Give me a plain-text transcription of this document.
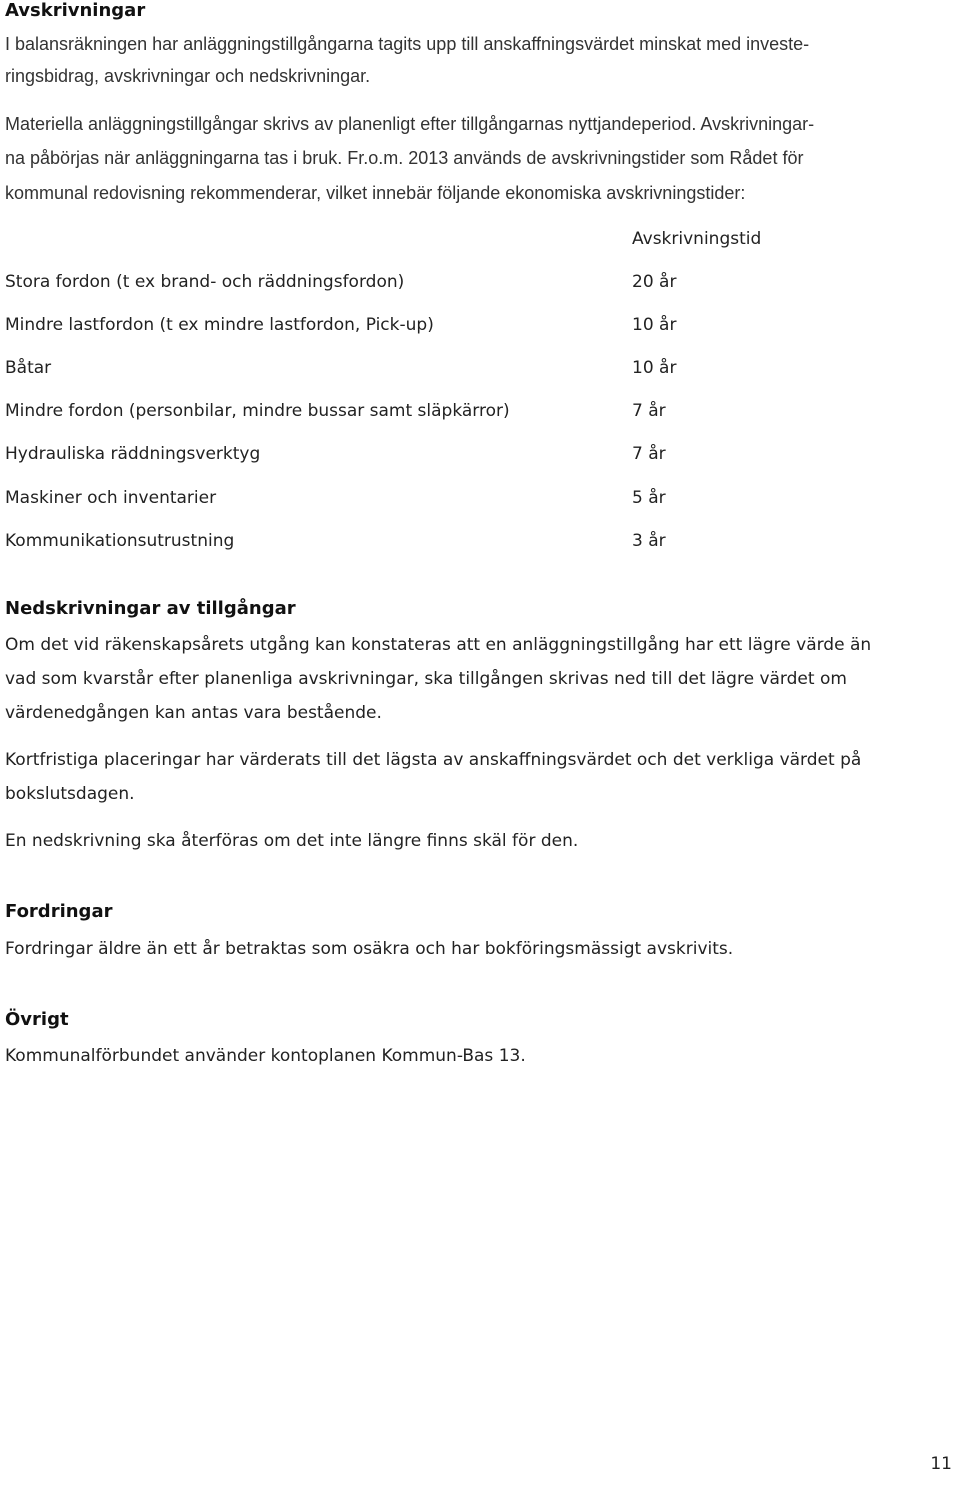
Avskrivningar
I balansräkningen har anläggningstillgångarna tagits upp till anskaffningsvärdet minskat med investe-
ringsbidrag, avskrivningar och nedskrivningar.
Materiella anläggningstillgångar skrivs av planenligt efter tillgångarnas nyttjandeperiod. Avskrivningar-
na påbörjas när anläggningarna tas i bruk. Fr.o.m. 2013 används de avskrivningstider som Rådet för
kommunal redovisning rekommenderar, vilket innebär följande ekonomiska avskrivningstider:
Avskrivningstid
Stora fordon (t ex brand- och räddningsfordon)	20 år
Mindre lastfordon (t ex mindre lastfordon, Pick-up)	10 år
Båtar	10 år
Mindre fordon (personbilar, mindre bussar samt släpkärror)	7 år
Hydrauliska räddningsverktyg	7 år
Maskiner och inventarier	5 år
Kommunikationsutrustning	3 år
Nedskrivningar av tillgångar
Om det vid räkenskapsårets utgång kan konstateras att en anläggningstillgång har ett lägre värde än
vad som kvarstår efter planenliga avskrivningar, ska tillgången skrivas ned till det lägre värdet om
värdenedgången kan antas vara bestående.
Kortfristiga placeringar har värderats till det lägsta av anskaffningsvärdet och det verkliga värdet på
bokslutsdagen.
En nedskrivning ska återföras om det inte längre finns skäl för den.
Fordringar
Fordringar äldre än ett år betraktas som osäkra och har bokföringsmässigt avskrivits.
Övrigt
Kommunalförbundet använder kontoplanen Kommun-Bas 13.
11
